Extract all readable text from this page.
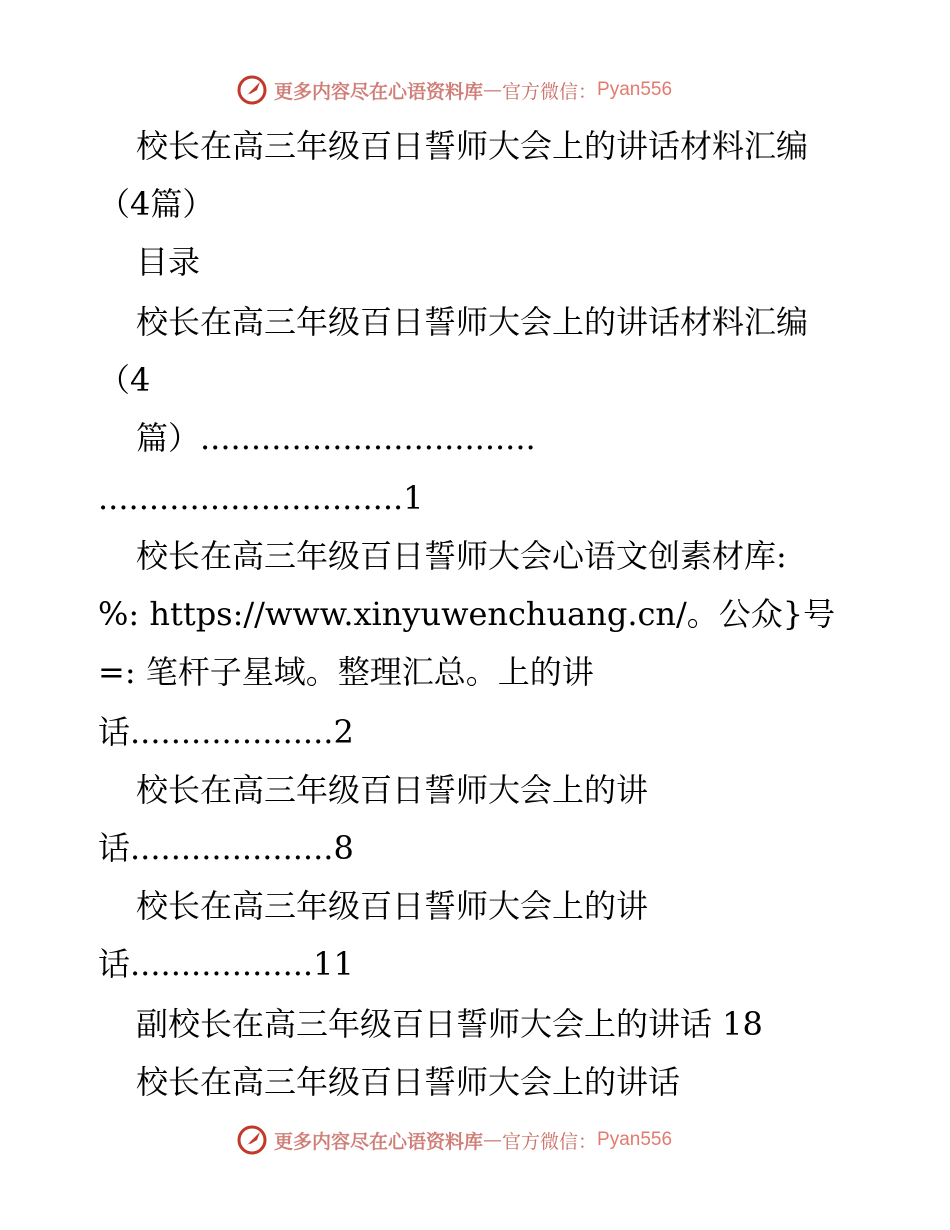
更多内容尽在心语资料库 — 官方微信： Pyan556
校长在高三年级百日誓师大会上的讲话材料汇编
（4篇）
目录
校长在高三年级百日誓师大会上的讲话材料汇编
（4
篇）.................................
..............................1
校长在高三年级百日誓师大会心语文创素材库:
%: https://www.xinyuwenchuang.cn/。公众}号
=: 笔杆子星域。整理汇总。上的讲
话....................2
校长在高三年级百日誓师大会上的讲
话....................8
校长在高三年级百日誓师大会上的讲
话..................11
副校长在高三年级百日誓师大会上的讲话 18
校长在高三年级百日誓师大会上的讲话
更多内容尽在心语资料库 — 官方微信： Pyan556
